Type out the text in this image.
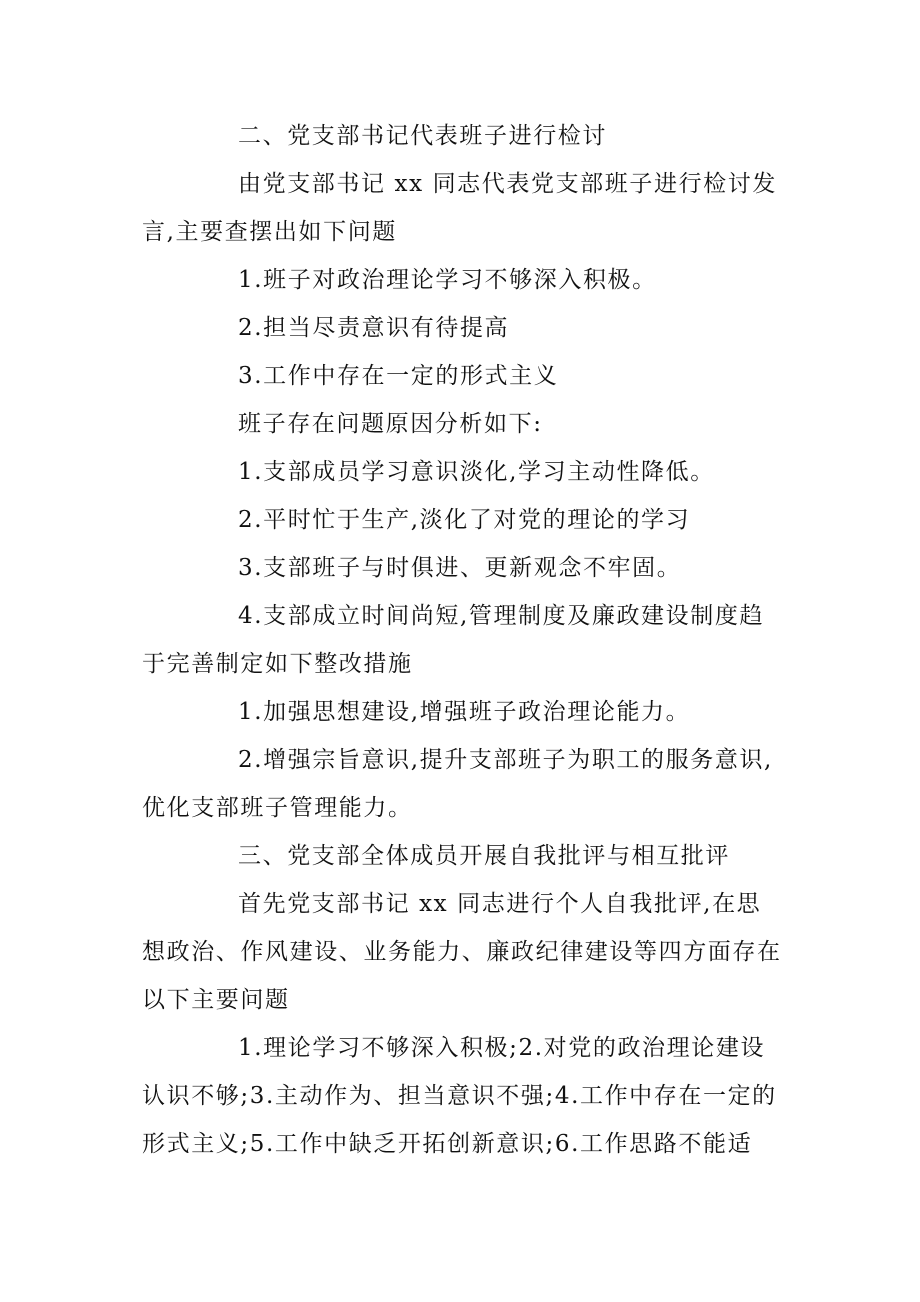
二、党支部书记代表班子进行检讨
由党支部书记 xx 同志代表党支部班子进行检讨发
言,主要查摆出如下问题
1.班子对政治理论学习不够深入积极。
2.担当尽责意识有待提高
3.工作中存在一定的形式主义
班子存在问题原因分析如下:
1.支部成员学习意识淡化,学习主动性降低。
2.平时忙于生产,淡化了对党的理论的学习
3.支部班子与时俱进、更新观念不牢固。
4.支部成立时间尚短,管理制度及廉政建设制度趋
于完善制定如下整改措施
1.加强思想建设,增强班子政治理论能力。
2.增强宗旨意识,提升支部班子为职工的服务意识,
优化支部班子管理能力。
三、党支部全体成员开展自我批评与相互批评
首先党支部书记 xx 同志进行个人自我批评,在思
想政治、作风建设、业务能力、廉政纪律建设等四方面存在
以下主要问题
1.理论学习不够深入积极;2.对党的政治理论建设
认识不够;3.主动作为、担当意识不强;4.工作中存在一定的
形式主义;5.工作中缺乏开拓创新意识;6.工作思路不能适
